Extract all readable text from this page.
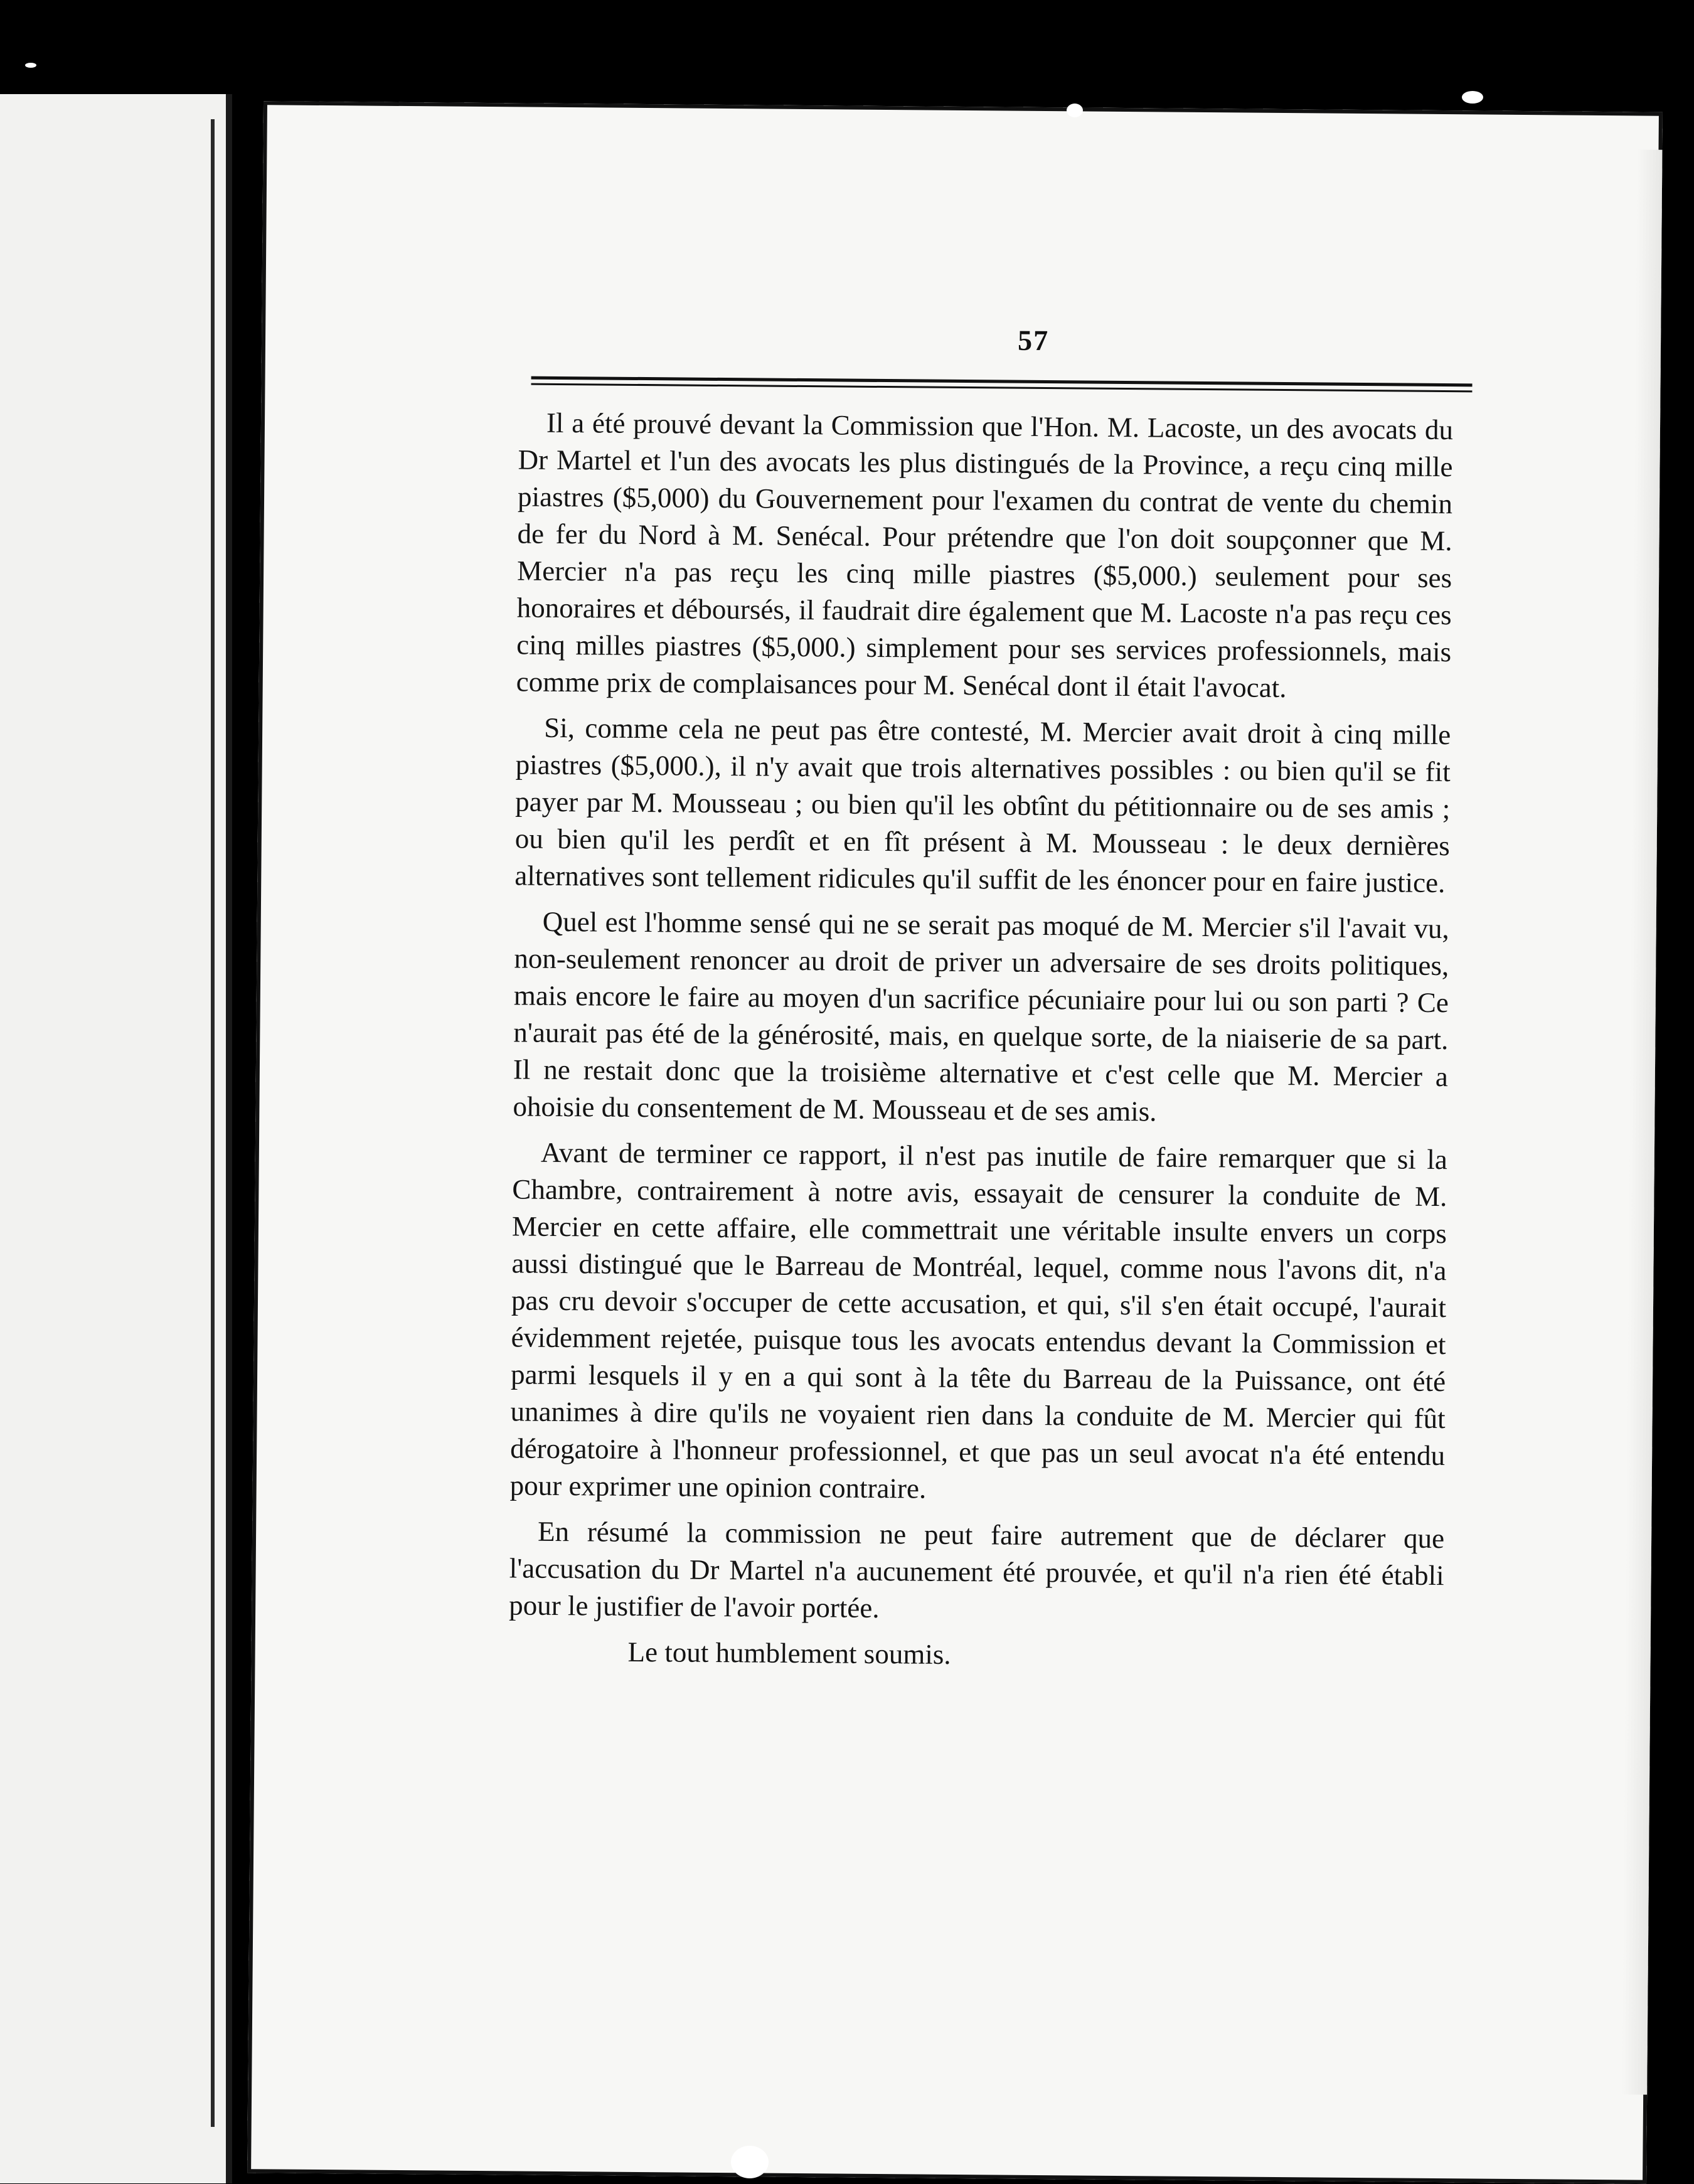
57

Il a été prouvé devant la Commission que l'Hon. M. Lacoste, un des avocats du Dr Martel et l'un des avocats les plus distingués de la Province, a reçu cinq mille piastres ($5,000) du Gouvernement pour l'examen du contrat de vente du chemin de fer du Nord à M. Senécal. Pour prétendre que l'on doit soupçonner que M. Mercier n'a pas reçu les cinq mille piastres ($5,000.) seulement pour ses honoraires et déboursés, il faudrait dire également que M. Lacoste n'a pas reçu ces cinq milles piastres ($5,000.) simplement pour ses services professionnels, mais comme prix de complaisances pour M. Senécal dont il était l'avocat.

Si, comme cela ne peut pas être contesté, M. Mercier avait droit à cinq mille piastres ($5,000.), il n'y avait que trois alternatives possibles : ou bien qu'il se fit payer par M. Mousseau ; ou bien qu'il les obtînt du pétitionnaire ou de ses amis ; ou bien qu'il les perdît et en fît présent à M. Mousseau : le deux dernières alternatives sont tellement ridicules qu'il suffit de les énoncer pour en faire justice.

Quel est l'homme sensé qui ne se serait pas moqué de M. Mercier s'il l'avait vu, non-seulement renoncer au droit de priver un adversaire de ses droits politiques, mais encore le faire au moyen d'un sacrifice pécuniaire pour lui ou son parti ? Ce n'aurait pas été de la générosité, mais, en quelque sorte, de la niaiserie de sa part. Il ne restait donc que la troisième alternative et c'est celle que M. Mercier a ohoisie du consentement de M. Mousseau et de ses amis.

Avant de terminer ce rapport, il n'est pas inutile de faire remarquer que si la Chambre, contrairement à notre avis, essayait de censurer la conduite de M. Mercier en cette affaire, elle commettrait une véritable insulte envers un corps aussi distingué que le Barreau de Montréal, lequel, comme nous l'avons dit, n'a pas cru devoir s'occuper de cette accusation, et qui, s'il s'en était occupé, l'aurait évidemment rejetée, puisque tous les avocats entendus devant la Commission et parmi lesquels il y en a qui sont à la tête du Barreau de la Puissance, ont été unanimes à dire qu'ils ne voyaient rien dans la conduite de M. Mercier qui fût dérogatoire à l'honneur professionnel, et que pas un seul avocat n'a été entendu pour exprimer une opinion contraire.

En résumé la commission ne peut faire autrement que de déclarer que l'accusation du Dr Martel n'a aucunement été prouvée, et qu'il n'a rien été établi pour le justifier de l'avoir portée.

Le tout humblement soumis.
